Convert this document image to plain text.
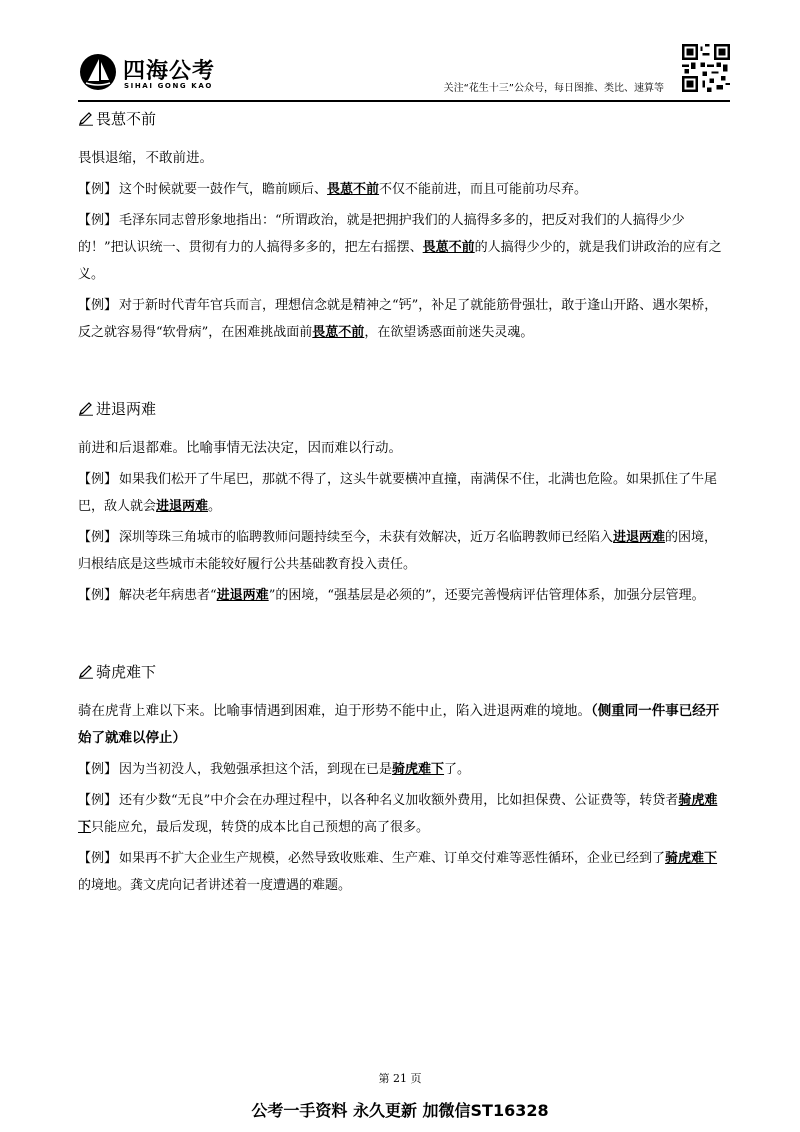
四海公考
SIHAI GONG KAO	关注“花生十三”公众号，每日图推、类比、速算等
畏葸不前

畏惧退缩，不敢前进。

【例】 这个时候就要一鼓作气，瞻前顾后、畏葸不前不仅不能前进，而且可能前功尽弃。

【例】 毛泽东同志曾形象地指出：“所谓政治，就是把拥护我们的人搞得多多的，把反对我们的人搞得少少的！”把认识统一、贯彻有力的人搞得多多的，把左右摇摆、畏葸不前的人搞得少少的，就是我们讲政治的应有之义。

【例】 对于新时代青年官兵而言，理想信念就是精神之“钙”，补足了就能筋骨强壮，敢于逢山开路、遇水架桥，反之就容易得“软骨病”，在困难挑战面前畏葸不前，在欲望诱惑面前迷失灵魂。

进退两难

前进和后退都难。比喻事情无法决定，因而难以行动。

【例】 如果我们松开了牛尾巴，那就不得了，这头牛就要横冲直撞，南满保不住，北满也危险。如果抓住了牛尾巴，敌人就会进退两难。

【例】 深圳等珠三角城市的临聘教师问题持续至今，未获有效解决，近万名临聘教师已经陷入进退两难的困境，归根结底是这些城市未能较好履行公共基础教育投入责任。

【例】 解决老年病患者“进退两难”的困境，“强基层是必须的”，还要完善慢病评估管理体系，加强分层管理。

骑虎难下

骑在虎背上难以下来。比喻事情遇到困难，迫于形势不能中止，陷入进退两难的境地。（侧重同一件事已经开始了就难以停止）

【例】 因为当初没人，我勉强承担这个活，到现在已是骑虎难下了。

【例】 还有少数“无良”中介会在办理过程中，以各种名义加收额外费用，比如担保费、公证费等，转贷者骑虎难下只能应允，最后发现，转贷的成本比自己预想的高了很多。

【例】 如果再不扩大企业生产规模，必然导致收账难、生产难、订单交付难等恶性循环，企业已经到了骑虎难下的境地。龚文虎向记者讲述着一度遭遇的难题。

第 21 页
公考一手资料 永久更新 加微信ST16328
